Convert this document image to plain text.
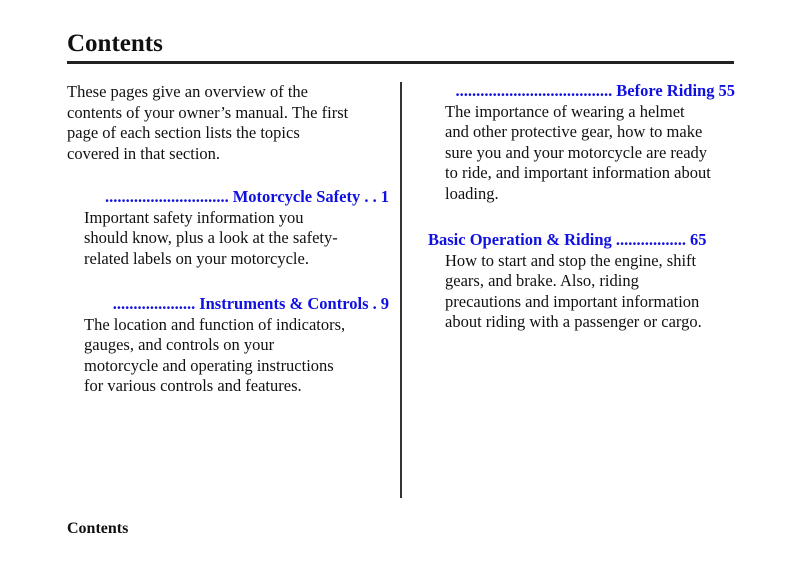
Contents
These pages give an overview of the
contents of your owner’s manual. The first
page of each section lists the topics
covered in that section.
.............................. Motorcycle Safety . . 1
Important safety information you
should know, plus a look at the safety-
related labels on your motorcycle.
.................... Instruments & Controls . 9
The location and function of indicators,
gauges, and controls on your
motorcycle and operating instructions
for various controls and features.
...................................... Before Riding 55
The importance of wearing a helmet
and other protective gear, how to make
sure you and your motorcycle are ready
to ride, and important information about
loading.
Basic Operation & Riding ................. 65
How to start and stop the engine, shift
gears, and brake. Also, riding
precautions and important information
about riding with a passenger or cargo.
Contents
